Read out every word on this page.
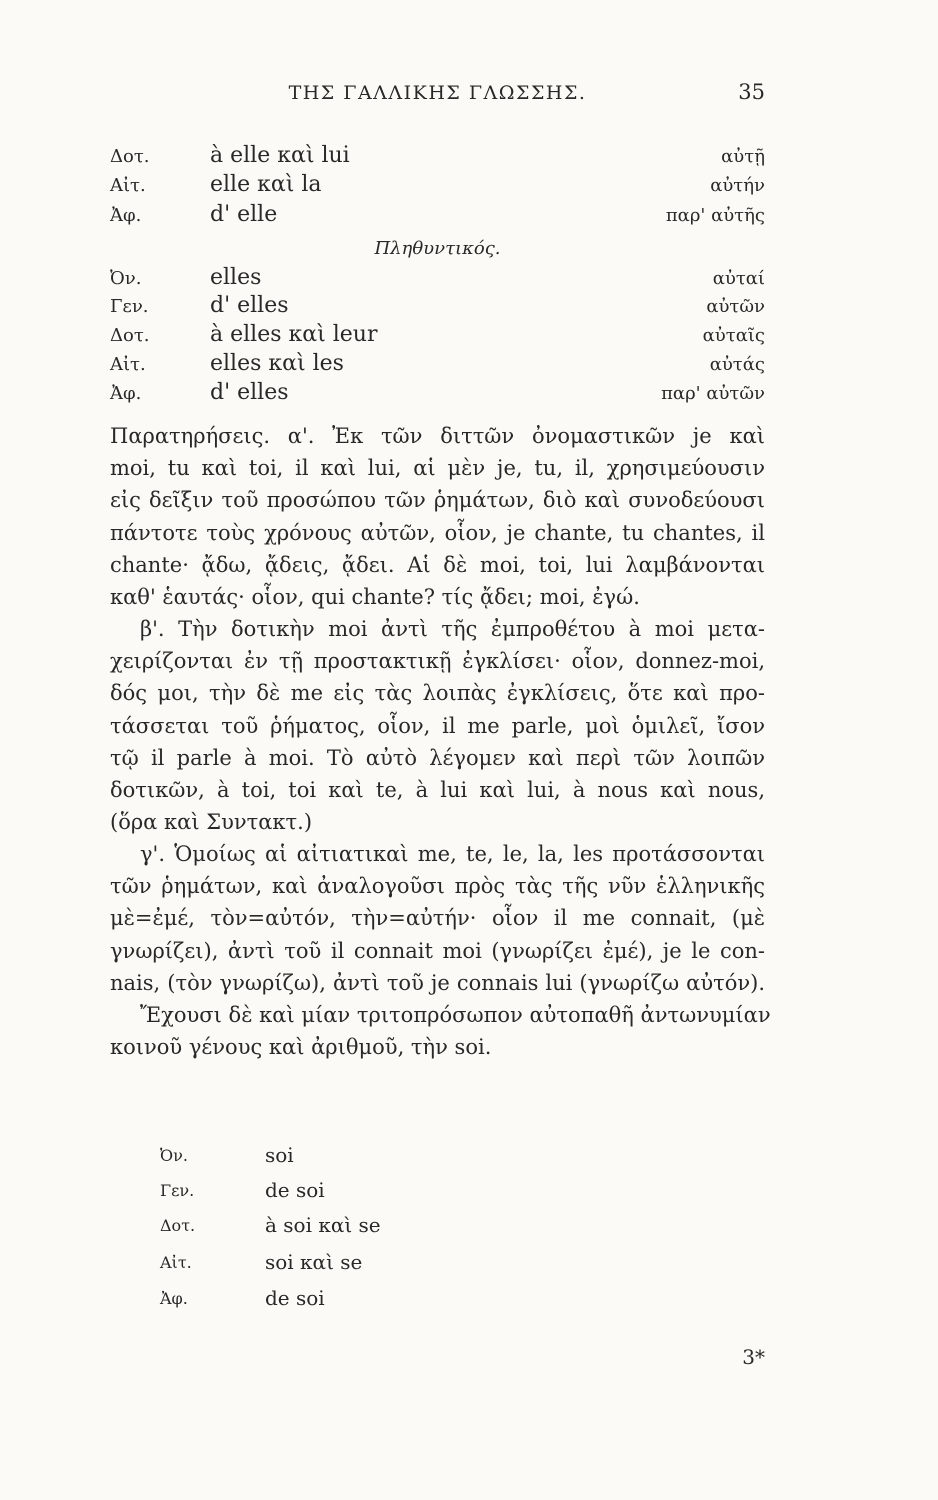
ΤΗΣ ΓΑΛΛΙΚΗΣ ΓΛΩΣΣΗΣ.	35
Δοτ.	à elle καὶ lui	αὐτῇ
Αἰτ.	elle καὶ la	αὐτήν
Ἀφ.	d' elle	παρ' αὐτῆς
Πληθυντικός.
Ὀν.	elles	αὐταί
Γεν.	d' elles	αὐτῶν
Δοτ.	à elles καὶ leur	αὐταῖς
Αἰτ.	elles καὶ les	αὐτάς
Ἀφ.	d' elles	παρ' αὐτῶν
Παρατηρήσεις. α'. Ἐκ τῶν διττῶν ὀνομαστικῶν je καὶ
moi, tu καὶ toi, il καὶ lui, αἱ μὲν je, tu, il, χρησιμεύουσιν
εἰς δεῖξιν τοῦ προσώπου τῶν ῥημάτων, διὸ καὶ συνοδεύουσι
πάντοτε τοὺς χρόνους αὐτῶν, οἷον, je chante, tu chantes, il
chante· ᾄδω, ᾄδεις, ᾄδει. Αἱ δὲ moi, toi, lui λαμβάνονται
καθ' ἑαυτάς· οἷον, qui chante? τίς ᾄδει; moi, ἐγώ.
β'. Τὴν δοτικὴν moi ἀντὶ τῆς ἐμπροθέτου à moi μετα-
χειρίζονται ἐν τῇ προστακτικῇ ἐγκλίσει· οἷον, donnez-moi,
δός μοι, τὴν δὲ me εἰς τὰς λοιπὰς ἐγκλίσεις, ὅτε καὶ προ-
τάσσεται τοῦ ῥήματος, οἷον, il me parle, μοὶ ὁμιλεῖ, ἴσον
τῷ il parle à moi. Τὸ αὐτὸ λέγομεν καὶ περὶ τῶν λοιπῶν
δοτικῶν, à toi, toi καὶ te, à lui καὶ lui, à nous καὶ nous,
(ὅρα καὶ Συντακτ.)
γ'. Ὁμοίως αἱ αἰτιατικαὶ me, te, le, la, les προτάσσονται
τῶν ῥημάτων, καὶ ἀναλογοῦσι πρὸς τὰς τῆς νῦν ἑλληνικῆς
μὲ=ἐμέ, τὸν=αὐτόν, τὴν=αὐτήν· οἷον il me connait, (μὲ
γνωρίζει), ἀντὶ τοῦ il connait moi (γνωρίζει ἐμέ), je le con-
nais, (τὸν γνωρίζω), ἀντὶ τοῦ je connais lui (γνωρίζω αὐτόν).
Ἔχουσι δὲ καὶ μίαν τριτοπρόσωπον αὐτοπαθῆ ἀντωνυμίαν
κοινοῦ γένους καὶ ἀριθμοῦ, τὴν soi.
Ὀν.	soi
Γεν.	de soi
Δοτ.	à soi καὶ se
Αἰτ.	soi καὶ se
Ἀφ.	de soi
3*
